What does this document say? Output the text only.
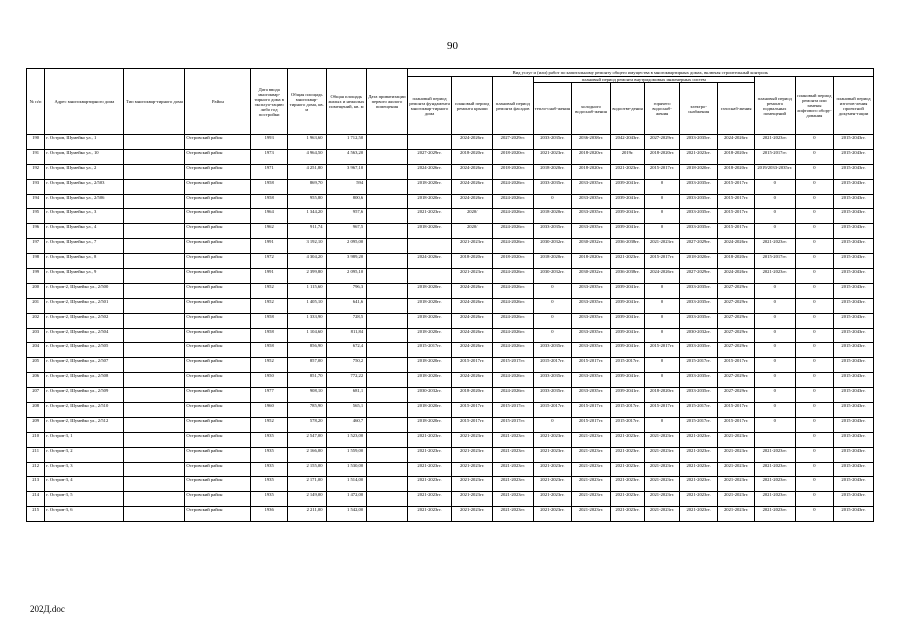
90
№ п/п	Адрес многоквартирного дома	Тип многоквар-тирного дома	Район	Дата ввода многоквар-тирного дома в эксплуа-тацию либо год постройки	Общая площадь многоквар-тирного дома, кв. м	Общая площадь жилых и нежилых помещений, кв. м	Дата приватизации первого жилого помещения	Вид услуг и (или) работ по капитальному ремонту общего имущества в многоквартирных домах, включая строительный контроль											
								плановый период ремонта фундамента многоквар-тирного дома	плановый период ремонта крыши	плановый период ремонта фасадов	плановый период ремонта внутридомовых инженерных систем						плановый период ремонта подвальных помещений	плановый период ремонта или замены лифтового обору-дования	плановый период изготов-ления проектной докумен-тации
											тепло-снаб-жения	холодного водоснаб-жения	водоотве-дения	горячего водоснаб-жения	электро-снабжения	газоснаб-жения			
190	г. Остров, Шумейко ул., 1		Островский район	1993	1 963,60	1 712,50			2024-2026гг.	2027-2029гг.	2033-2035гг.	2036-2038гг.	2042-2043гг.	2027-2029гг.	2033-2035гг.	2024-2026гг.	2021-2023гг.	0	2015-2043гг.
191	г. Остров, Шумейко ул., 10		Островский район	1973	4 964,50	4 563,20		2027-2029гг.	2018-2020гг.	2018-2020гг.	2021-2023гг.	2018-2020гг.	2019г.	2018-2020гг.	2021-2023гг.	2018-2020гг.	2015-2017гг.	0	2015-2043гг.
192	г. Остров, Шумейко ул., 2		Островский район	1971	4 251,80	3 967,10		2024-2026гг.	2024-2026гг.	2018-2020гг.	2018-2020гг.	2018-2020гг.	2021-2023гг.	2015-2017гг.	2018-2020гг.	2018-2020гг.	2019/2033-2035гг.	0	2015-2043гг.
193	г. Остров, Шумейко ул., 2/503		Островский район	1958	869,70	594		2018-2020гг.	2024-2026гг.	2024-2026гг.	2033-2035гг.	2033-2035гг.	2039-2041гг.	0	2033-2035гг.	2015-2017гг.	0	0	2015-2043гг.
194	г. Остров, Шумейко ул., 2/506		Островский район	1958	955,80	800,6		2018-2020гг.	2024-2026гг.	2024-2026гг.	0	2033-2035гг.	2039-2041гг.	0	2033-2035гг.	2015-2017гг.	0	0	2015-2043гг.
195	г. Остров, Шумейко ул., 3		Островский район	1964	1 344,20	957,6		2021-2023гг.	2020/	2024-2026гг.	2018-2020гг.	2033-2035гг.	2039-2041гг.	0	2033-2035гг.	2015-2017гг.	0	0	2015-2043гг.
196	г. Остров, Шумейко ул., 4		Островский район	1962	911,74	967,5		2018-2020гг.	2020/	2024-2026гг.	2033-2035гг.	2033-2035гг.	2039-2041гг.	0	2033-2035гг.	2015-2017гг.	0	0	2015-2043гг.
197	г. Остров, Шумейко ул., 7		Островский район	1991	3 192,10	2 095,00			2021-2023гг.	2024-2026гг.	2030-2032гг.	2030-2032гг.	2036-2038гг.	2021-2023гг.	2027-2029гг.	2024-2026гг.	2021-2023гг.	0	2015-2043гг.
198	г. Остров, Шумейко ул., 8		Островский район	1972	4 304,20	3 989,20		2024-2026гг.	2018-2020гг.	2018-2020гг.	2018-2020гг.	2018-2020гг.	2021-2023гг.	2015-2017гг.	2018-2020гг.	2018-2020гг.	2015-2017гг.	0	2015-2043гг.
199	г. Остров, Шумейко ул., 9		Островский район	1991	2 399,80	2 095,10			2021-2023гг.	2024-2026гг.	2030-2032гг.	2030-2032гг.	2036-2038гг.	2024-2026гг.	2027-2029гг.	2024-2026гг.	2021-2023гг.	0	2015-2043гг.
200	г. Остров-2, Шумейко ул., 2/500		Островский район	1952	1 115,60	796,3		2018-2020гг.	2024-2026гг.	2024-2026гг.	0	2033-2035гг.	2039-2041гг.	0	2033-2035гг.	2027-2029гг.	0	0	2015-2043гг.
201	г. Остров-2, Шумейко ул., 2/501		Островский район	1952	1 405,10	641,6		2018-2020гг.	2024-2026гг.	2024-2026гг.	0	2033-2035гг.	2039-2041гг.	0	2033-2035гг.	2027-2029гг.	0	0	2015-2043гг.
202	г. Остров-2, Шумейко ул., 2/502		Островский район	1958	1 333,90	728,5		2018-2020гг.	2024-2026гг.	2024-2026гг.	0	2033-2035гг.	2039-2041гг.	0	2033-2035гг.	2027-2029гг.	0	0	2015-2043гг.
203	г. Остров-2, Шумейко ул., 2/504		Островский район	1958	1 104,60	811,84		2018-2020гг.	2024-2026гг.	2024-2026гг.	0	2033-2035гг.	2039-2041гг.	0	2030-2032гг.	2027-2029гг.	0	0	2015-2043гг.
204	г. Остров-2, Шумейко ул., 2/505		Островский район	1958	856,90	672,4		2015-2017гг.	2024-2026гг.	2024-2026гг.	2033-2035гг.	2033-2035гг.	2039-2041гг.	2015-2017гг.	2033-2035гг.	2027-2029гг.	0	0	2015-2043гг.
205	г. Остров-2, Шумейко ул., 2/507		Островский район	1952	857,00	750,2		2018-2020гг.	2015-2017гг.	2015-2017гг.	2015-2017гг.	2015-2017гг.	2015-2017гг.	0	2015-2017гг.	2015-2017гг.	0	0	2015-2043гг.
206	г. Остров-2, Шумейко ул., 2/508		Островский район	1950	851,70	772,22		2018-2020гг.	2024-2026гг.	2024-2026гг.	2033-2035гг.	2033-2035гг.	2039-2041гг.	0	2033-2035гг.	2027-2029гг.	0	0	2015-2043гг.
207	г. Остров-2, Шумейко ул., 2/509		Островский район	1977	908,10	681,1		2030-2032гг.	2018-2020гг.	2024-2026гг.	2033-2035гг.	2033-2035гг.	2039-2041гг.	2018-2020гг.	2033-2035гг.	2027-2029гг.	0	0	2015-2043гг.
208	г. Остров-2, Шумейко ул., 2/510		Островский район	1960	785,90	565,1		2018-2020гг.	2015-2017гг.	2015-2017гг.	2015-2017гг.	2015-2017гг.	2015-2017гг.	2015-2017гг.	2015-2017гг.	2015-2017гг.	0	0	2015-2043гг.
209	г. Остров-2, Шумейко ул., 2/512		Островский район	1952	578,20	460,7		2018-2020гг.	2015-2017гг.	2015-2017гг.	0	2015-2017гг.	2015-2017гг.	0	2015-2017гг.	2015-2017гг.	0	0	2015-2043гг.
210	г. Остров-3, 1		Островский район	1935	2 547,00	1 523,00		2021-2023гг.	2021-2023гг.	2021-2023гг.	2021-2023гг.	2021-2023гг.	2021-2023гг.	2021-2023гг.	2021-2023гг.	2021-2023гг.		0	2015-2043гг.
211	г. Остров-3, 2		Островский район	1935	2 166,00	1 559,00		2021-2023гг.	2021-2023гг.	2021-2023гг.	2021-2023гг.	2021-2023гг.	2021-2023гг.	2021-2023гг.	2021-2023гг.	2021-2023гг.	2021-2023гг.	0	2015-2043гг.
212	г. Остров-3, 3		Островский район	1935	2 155,00	1 530,00		2021-2023гг.	2021-2023гг.	2021-2023гг.	2021-2023гг.	2021-2023гг.	2021-2023гг.	2021-2023гг.	2021-2023гг.	2021-2023гг.	2021-2023гг.	0	2015-2043гг.
213	г. Остров-3, 4		Островский район	1935	2 171,00	1 514,00		2021-2023гг.	2021-2023гг.	2021-2023гг.	2021-2023гг.	2021-2023гг.	2021-2023гг.	2021-2023гг.	2021-2023гг.	2021-2023гг.	2021-2023гг.	0	2015-2043гг.
214	г. Остров-3, 5		Островский район	1935	2 149,00	1 472,00		2021-2023гг.	2021-2023гг.	2021-2023гг.	2021-2023гг.	2021-2023гг.	2021-2023гг.	2021-2023гг.	2021-2023гг.	2021-2023гг.	2021-2023гг.	0	2015-2043гг.
215	г. Остров-3, 6		Островский район	1936	2 211,00	1 542,00		2021-2023гг.	2021-2023гг.	2021-2023гг.	2021-2023гг.	2021-2023гг.	2021-2023гг.	2021-2023гг.	2021-2023гг.	2021-2023гг.	2021-2023гг.	0	2015-2043гг.
202Д.doc
